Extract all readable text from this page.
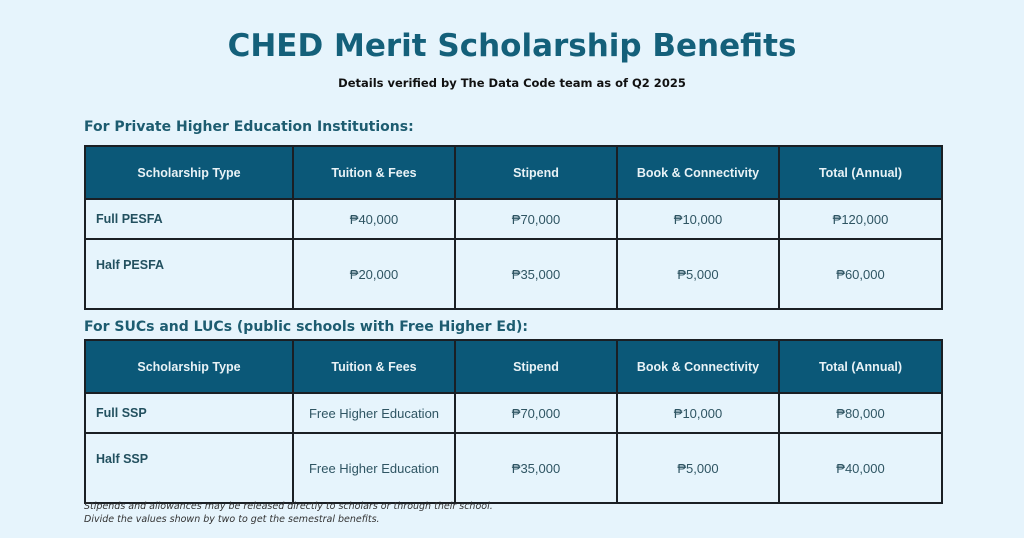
CHED Merit Scholarship Benefits
Details verified by The Data Code team as of Q2 2025
For Private Higher Education Institutions:
Scholarship Type	Tuition & Fees	Stipend	Book & Connectivity	Total (Annual)
Full PESFA	₱40,000	₱70,000	₱10,000	₱120,000
Half PESFA	₱20,000	₱35,000	₱5,000	₱60,000
For SUCs and LUCs (public schools with Free Higher Ed):
Scholarship Type	Tuition & Fees	Stipend	Book & Connectivity	Total (Annual)
Full SSP	Free Higher Education	₱70,000	₱10,000	₱80,000
Half SSP	Free Higher Education	₱35,000	₱5,000	₱40,000
Stipends and allowances may be released directly to scholars or through their school.
Divide the values shown by two to get the semestral benefits.
